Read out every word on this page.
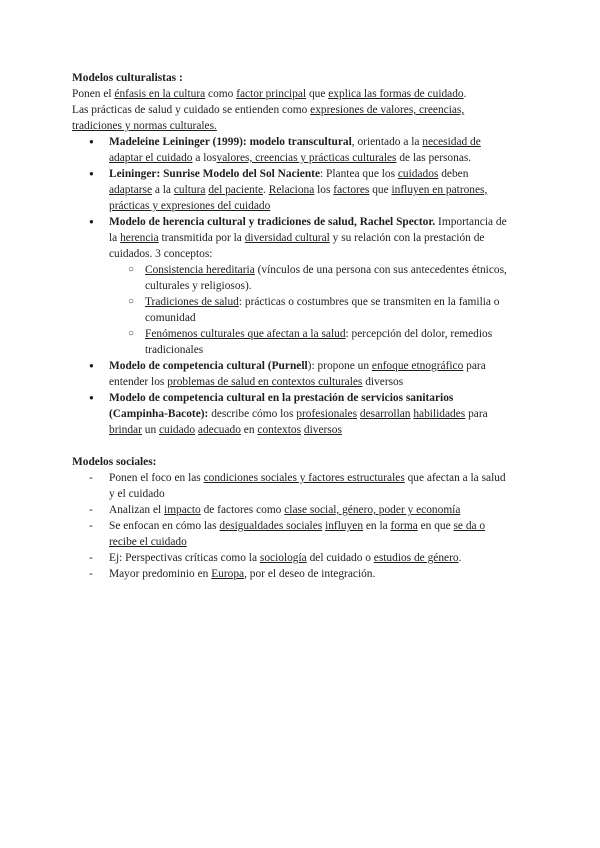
Modelos culturalistas :

Ponen el énfasis en la cultura como factor principal que explica las formas de cuidado.

Las prácticas de salud y cuidado se entienden como expresiones de valores, creencias, tradiciones y normas culturales.

● Madeleine Leininger (1999): modelo transcultural, orientado a la necesidad de adaptar el cuidado a losvalores, creencias y prácticas culturales de las personas.
● Leininger: Sunrise Modelo del Sol Naciente: Plantea que los cuidados deben adaptarse a la cultura del paciente. Relaciona los factores que influyen en patrones, prácticas y expresiones del cuidado
● Modelo de herencia cultural y tradiciones de salud, Rachel Spector. Importancia de la herencia transmitida por la diversidad cultural y su relación con la prestación de cuidados. 3 conceptos:
○ Consistencia hereditaria (vínculos de una persona con sus antecedentes étnicos, culturales y religiosos).
○ Tradiciones de salud: prácticas o costumbres que se transmiten en la familia o comunidad
○ Fenómenos culturales que afectan a la salud: percepción del dolor, remedios tradicionales
● Modelo de competencia cultural (Purnell): propone un enfoque etnográfico para entender los problemas de salud en contextos culturales diversos
● Modelo de competencia cultural en la prestación de servicios sanitarios (Campinha-Bacote): describe cómo los profesionales desarrollan habilidades para brindar un cuidado adecuado en contextos diversos

Modelos sociales:

- Ponen el foco en las condiciones sociales y factores estructurales que afectan a la salud y el cuidado
- Analizan el impacto de factores como clase social, género, poder y economía
- Se enfocan en cómo las desigualdades sociales influyen en la forma en que se da o recibe el cuidado
- Ej: Perspectivas críticas como la sociología del cuidado o estudios de género.
- Mayor predominio en Europa, por el deseo de integración.
